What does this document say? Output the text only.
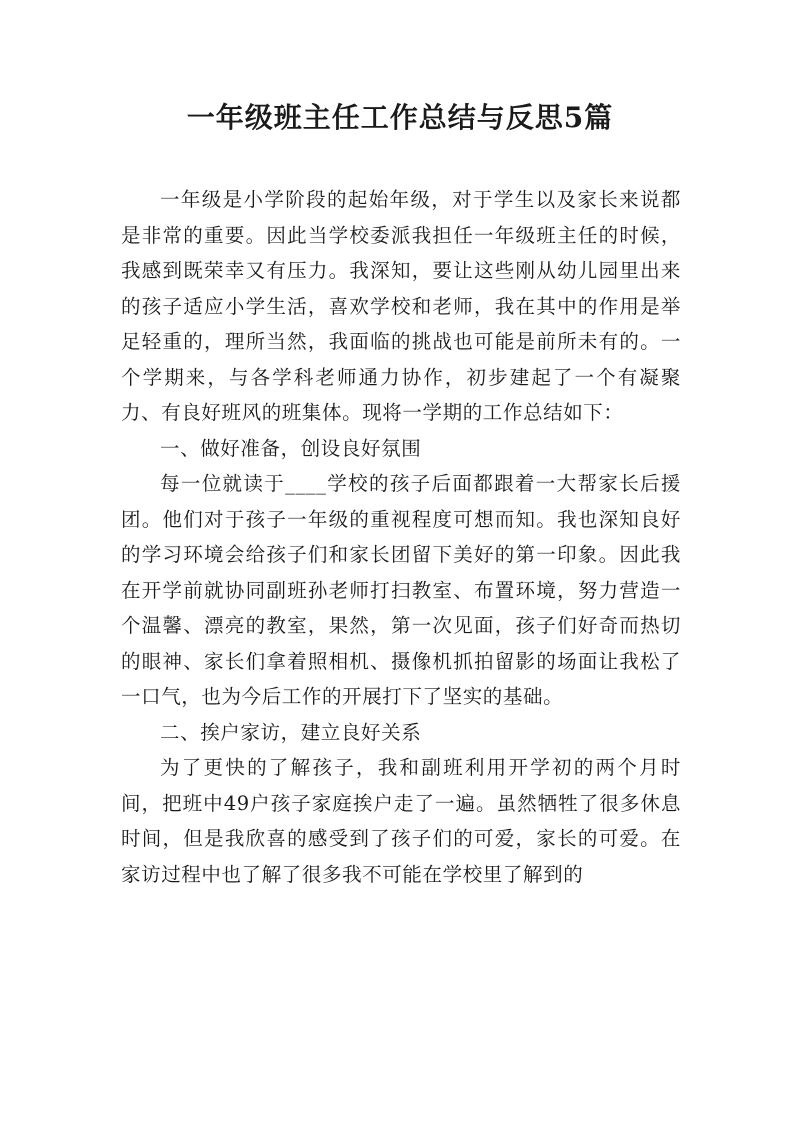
一年级班主任工作总结与反思5篇

一年级是小学阶段的起始年级，对于学生以及家长来说都是非常的重要。因此当学校委派我担任一年级班主任的时候，我感到既荣幸又有压力。我深知，要让这些刚从幼儿园里出来的孩子适应小学生活，喜欢学校和老师，我在其中的作用是举足轻重的，理所当然，我面临的挑战也可能是前所未有的。一个学期来，与各学科老师通力协作，初步建起了一个有凝聚力、有良好班风的班集体。现将一学期的工作总结如下：

一、做好准备，创设良好氛围

每一位就读于____学校的孩子后面都跟着一大帮家长后援团。他们对于孩子一年级的重视程度可想而知。我也深知良好的学习环境会给孩子们和家长团留下美好的第一印象。因此我在开学前就协同副班孙老师打扫教室、布置环境，努力营造一个温馨、漂亮的教室，果然，第一次见面，孩子们好奇而热切的眼神、家长们拿着照相机、摄像机抓拍留影的场面让我松了一口气，也为今后工作的开展打下了坚实的基础。

二、挨户家访，建立良好关系

为了更快的了解孩子，我和副班利用开学初的两个月时间，把班中49户孩子家庭挨户走了一遍。虽然牺牲了很多休息时间，但是我欣喜的感受到了孩子们的可爱，家长的可爱。在家访过程中也了解了很多我不可能在学校里了解到的
